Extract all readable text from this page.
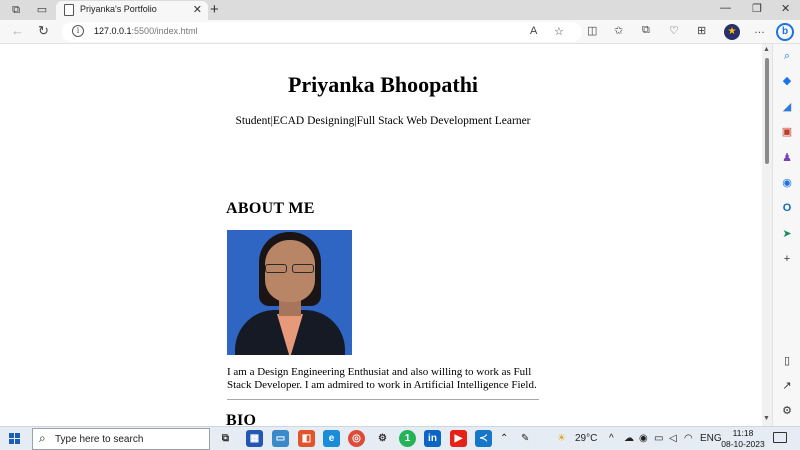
⧉	▭	Priyanka's Portfolio	✕ +	— ❐ ✕
← ↻	i	127.0.0.1:5500/index.html	A ☆ ◫ ✩ ⧉ ♡ ⊞	★	…	b
Priyanka Bhoopathi
Student|ECAD Designing|Full Stack Web Development Learner
ABOUT ME
I am a Design Engineering Enthusiat and also willing to work as Full Stack Developer. I am admired to work in Artificial Intelligence Field.
BIO
▲
▼
⌕
◆
◢
▣
♟
◉
O
➤
+
▯
↗
⚙
⌕ Type here to search	⧉	▦	▭	◧	e	◎	⚙	1	in	▶	≺	⌃ ✎	☀ 29°C ^ ☁ ◉ ▭ ◁ ◠ ENG	11:18
08-10-2023
